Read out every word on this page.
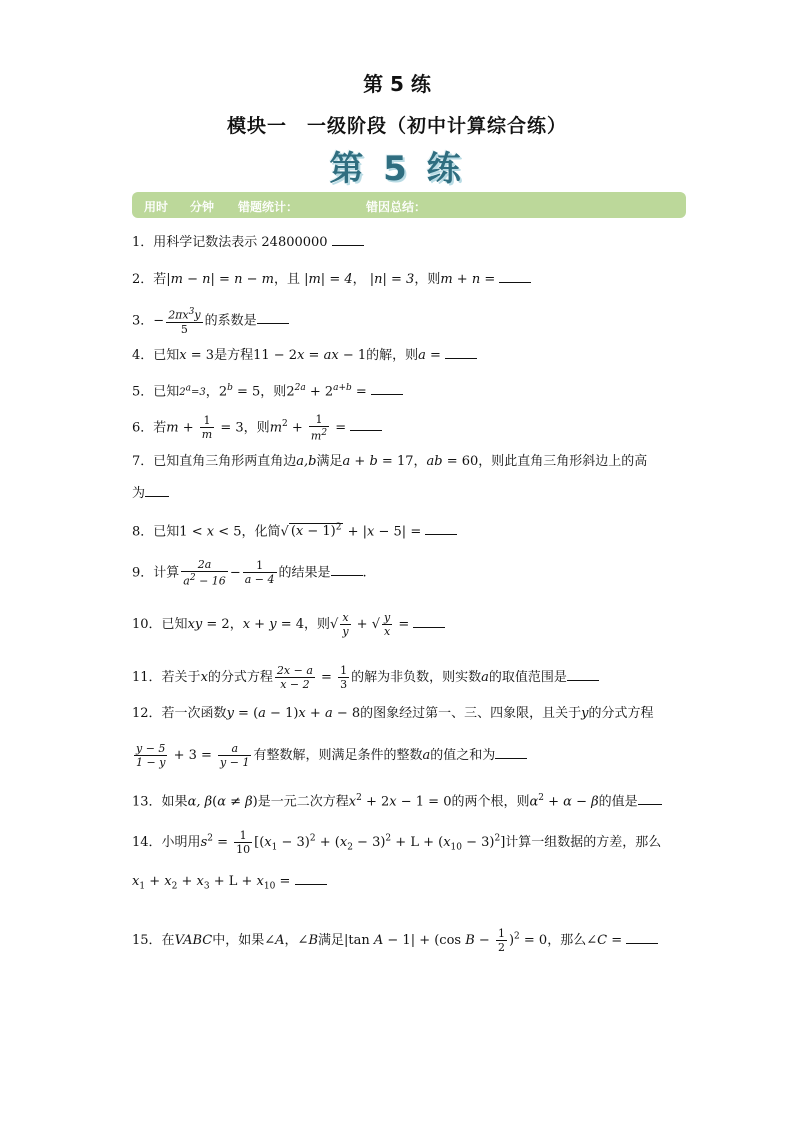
第 5 练
模块一　一级阶段（初中计算综合练）
第 5 练
用时 分钟 错题统计：	错因总结：
1．用科学记数法表示 24800000
2．若|m − n| = n − m，且 |m| = 4， |n| = 3，则m + n =
3．− $\frac{2\pi x^3y}{5}$ 的系数是
4．已知x = 3是方程11 − 2x = ax − 1的解，则a =
5．已知2a=3，$2^b = 5$，则$2^{2a} + 2^{a+b}$ =
6．若$m + \frac{1}{m} = 3$，则$m^2 + \frac{1}{m^2}$ =
7．已知直角三角形两直角边a,b满足a + b = 17，ab = 60，则此直角三角形斜边上的高
为
8．已知1 < x < 5，化简√ $(x - 1)^2 + |x - 5|$ =
9．计算 $\frac{2a}{a^2 - 16} - \frac{1}{a - 4}$ 的结果是 .
10．已知xy = 2，x + y = 4，则√ $\frac{x}{y}$ + √ $\frac{y}{x}$ =
11．若关于x的分式方程 $\frac{2x - a}{x - 2} = \frac{1}{3}$ 的解为非负数，则实数a的取值范围是
12．若一次函数y = (a − 1)x + a − 8的图象经过第一、三、四象限，且关于y的分式方程
$\frac{y - 5}{1 - y} + 3 = \frac{a}{y - 1}$ 有整数解，则满足条件的整数a的值之和为
13．如果α, β(α ≠ β)是一元二次方程$x^2 + 2x - 1 = 0$的两个根，则$\alpha^2 + \alpha - \beta$的值是
14．小明用$s^2 = \frac{1}{10} [(x_1 - 3)^2 + (x_2 - 3)^2 + L + (x_{10} - 3)^2]$计算一组数据的方差，那么
$x_1 + x_2 + x_3 + L + x_{10}$ =
15．在VABC中，如果∠A，∠B满足|tan A − 1| + (cos $B - \frac{1}{2} )^2 = 0$，那么∠C =
